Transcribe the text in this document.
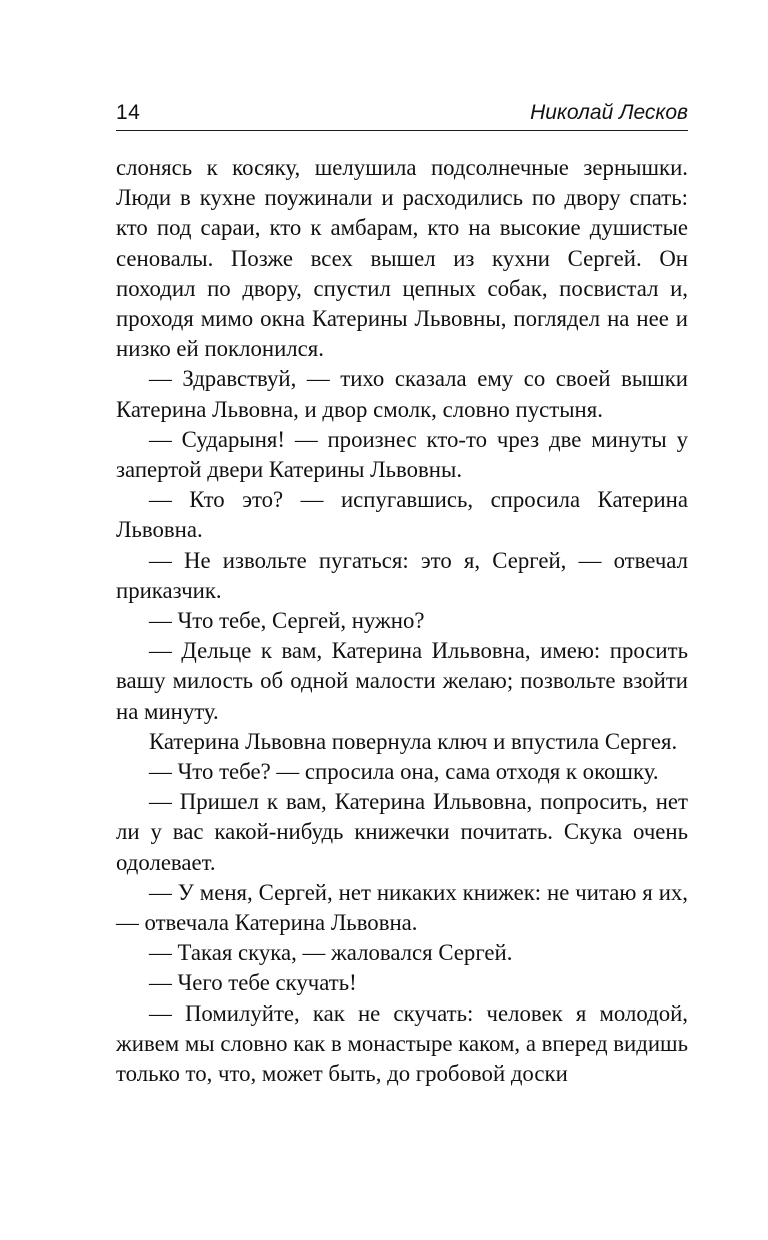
14	Николай Лесков

слонясь к косяку, шелушила подсолнечные зернышки. Люди в кухне поужинали и расходились по двору спать: кто под сараи, кто к амбарам, кто на высокие душистые сеновалы. Позже всех вышел из кухни Сергей. Он походил по двору, спустил цепных собак, посвистал и, проходя мимо окна Катерины Львовны, поглядел на нее и низко ей поклонился.

— Здравствуй, — тихо сказала ему со своей вышки Катерина Львовна, и двор смолк, словно пустыня.

— Сударыня! — произнес кто-то чрез две минуты у запертой двери Катерины Львовны.

— Кто это? — испугавшись, спросила Катерина Львовна.

— Не извольте пугаться: это я, Сергей, — отвечал приказчик.

— Что тебе, Сергей, нужно?

— Дельце к вам, Катерина Ильвовна, имею: просить вашу милость об одной малости желаю; позвольте взойти на минуту.

Катерина Львовна повернула ключ и впустила Сергея.

— Что тебе? — спросила она, сама отходя к окошку.

— Пришел к вам, Катерина Ильвовна, попросить, нет ли у вас какой-нибудь книжечки почитать. Скука очень одолевает.

— У меня, Сергей, нет никаких книжек: не читаю я их, — отвечала Катерина Львовна.

— Такая скука, — жаловался Сергей.

— Чего тебе скучать!

— Помилуйте, как не скучать: человек я молодой, живем мы словно как в монастыре каком, а вперед видишь только то, что, может быть, до гробовой доски
